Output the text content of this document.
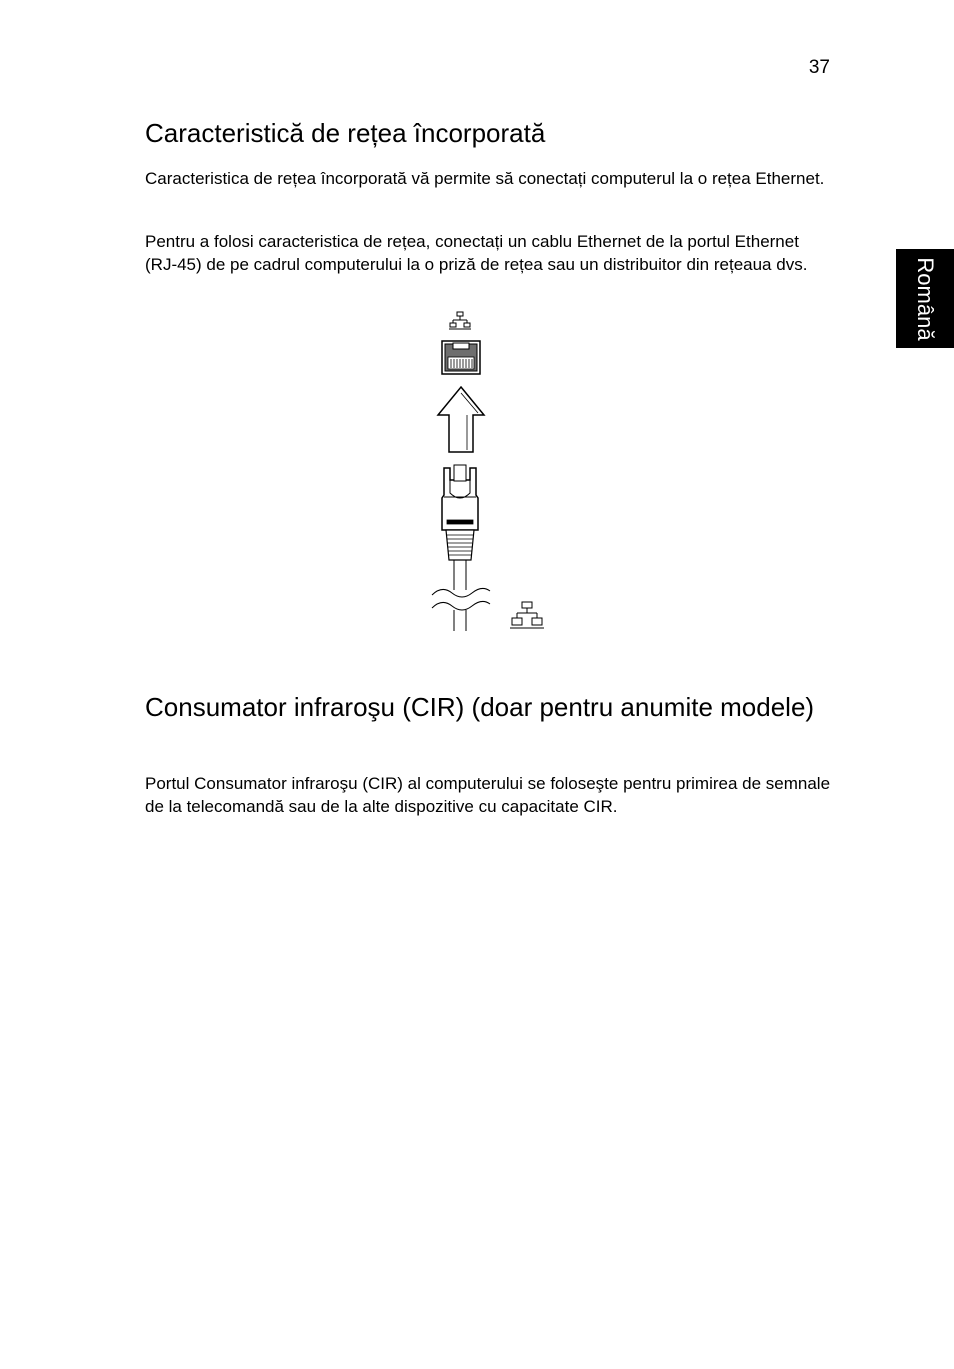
37
Română
Caracteristică de rețea încorporată

Caracteristica de rețea încorporată vă permite să conectați computerul la o rețea Ethernet.

Pentru a folosi caracteristica de rețea, conectați un cablu Ethernet de la portul Ethernet (RJ-45) de pe cadrul computerului la o priză de rețea sau un distribuitor din rețeaua dvs.

Consumator infraroşu (CIR) (doar pentru anumite modele)

Portul Consumator infraroşu (CIR) al computerului se foloseşte pentru primirea de semnale de la telecomandă sau de la alte dispozitive cu capacitate CIR.
